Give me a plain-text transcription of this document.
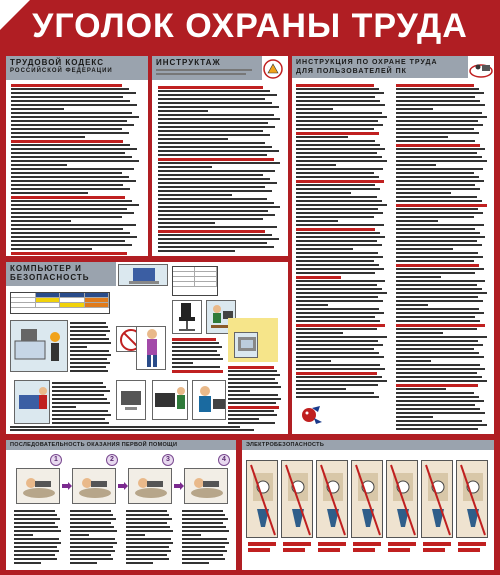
УГОЛОК ОХРАНЫ ТРУДА
ТРУДОВОЙ КОДЕКС
РОССИЙСКОЙ ФЕДЕРАЦИИ
ИНСТРУКТАЖ	ИНСТРУКЦИЯ ПО ОХРАНЕ ТРУДА
ДЛЯ ПОЛЬЗОВАТЕЛЕЙ ПК
КОМПЬЮТЕР И
БЕЗОПАСНОСТЬ
ПОСЛЕДОВАТЕЛЬНОСТЬ ОКАЗАНИЯ ПЕРВОЙ ПОМОЩИ
1	2	3	4
ЭЛЕКТРОБЕЗОПАСНОСТЬ
